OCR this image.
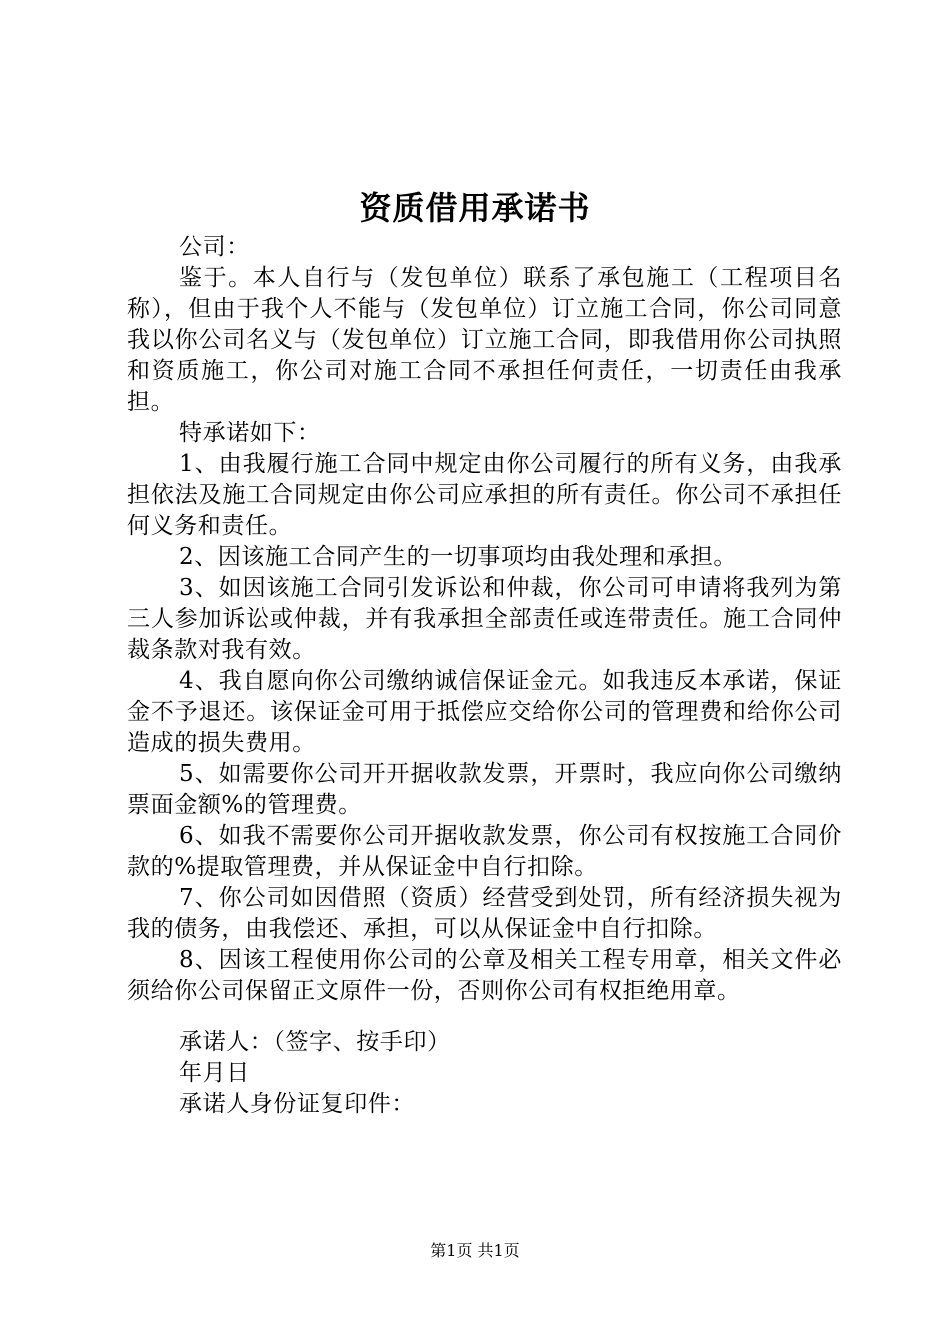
资质借用承诺书

公司：

鉴于。本人自行与（发包单位）联系了承包施工（工程项目名称），但由于我个人不能与（发包单位）订立施工合同，你公司同意我以你公司名义与（发包单位）订立施工合同，即我借用你公司执照和资质施工，你公司对施工合同不承担任何责任，一切责任由我承担。

特承诺如下：

1、由我履行施工合同中规定由你公司履行的所有义务，由我承担依法及施工合同规定由你公司应承担的所有责任。你公司不承担任何义务和责任。

2、因该施工合同产生的一切事项均由我处理和承担。

3、如因该施工合同引发诉讼和仲裁，你公司可申请将我列为第三人参加诉讼或仲裁，并有我承担全部责任或连带责任。施工合同仲裁条款对我有效。

4、我自愿向你公司缴纳诚信保证金元。如我违反本承诺，保证金不予退还。该保证金可用于抵偿应交给你公司的管理费和给你公司造成的损失费用。

5、如需要你公司开开据收款发票，开票时，我应向你公司缴纳票面金额%的管理费。

6、如我不需要你公司开据收款发票，你公司有权按施工合同价款的%提取管理费，并从保证金中自行扣除。

7、你公司如因借照（资质）经营受到处罚，所有经济损失视为我的债务，由我偿还、承担，可以从保证金中自行扣除。

8、因该工程使用你公司的公章及相关工程专用章，相关文件必须给你公司保留正文原件一份，否则你公司有权拒绝用章。

承诺人：（签字、按手印）
年月日
承诺人身份证复印件：
第1页 共1页
